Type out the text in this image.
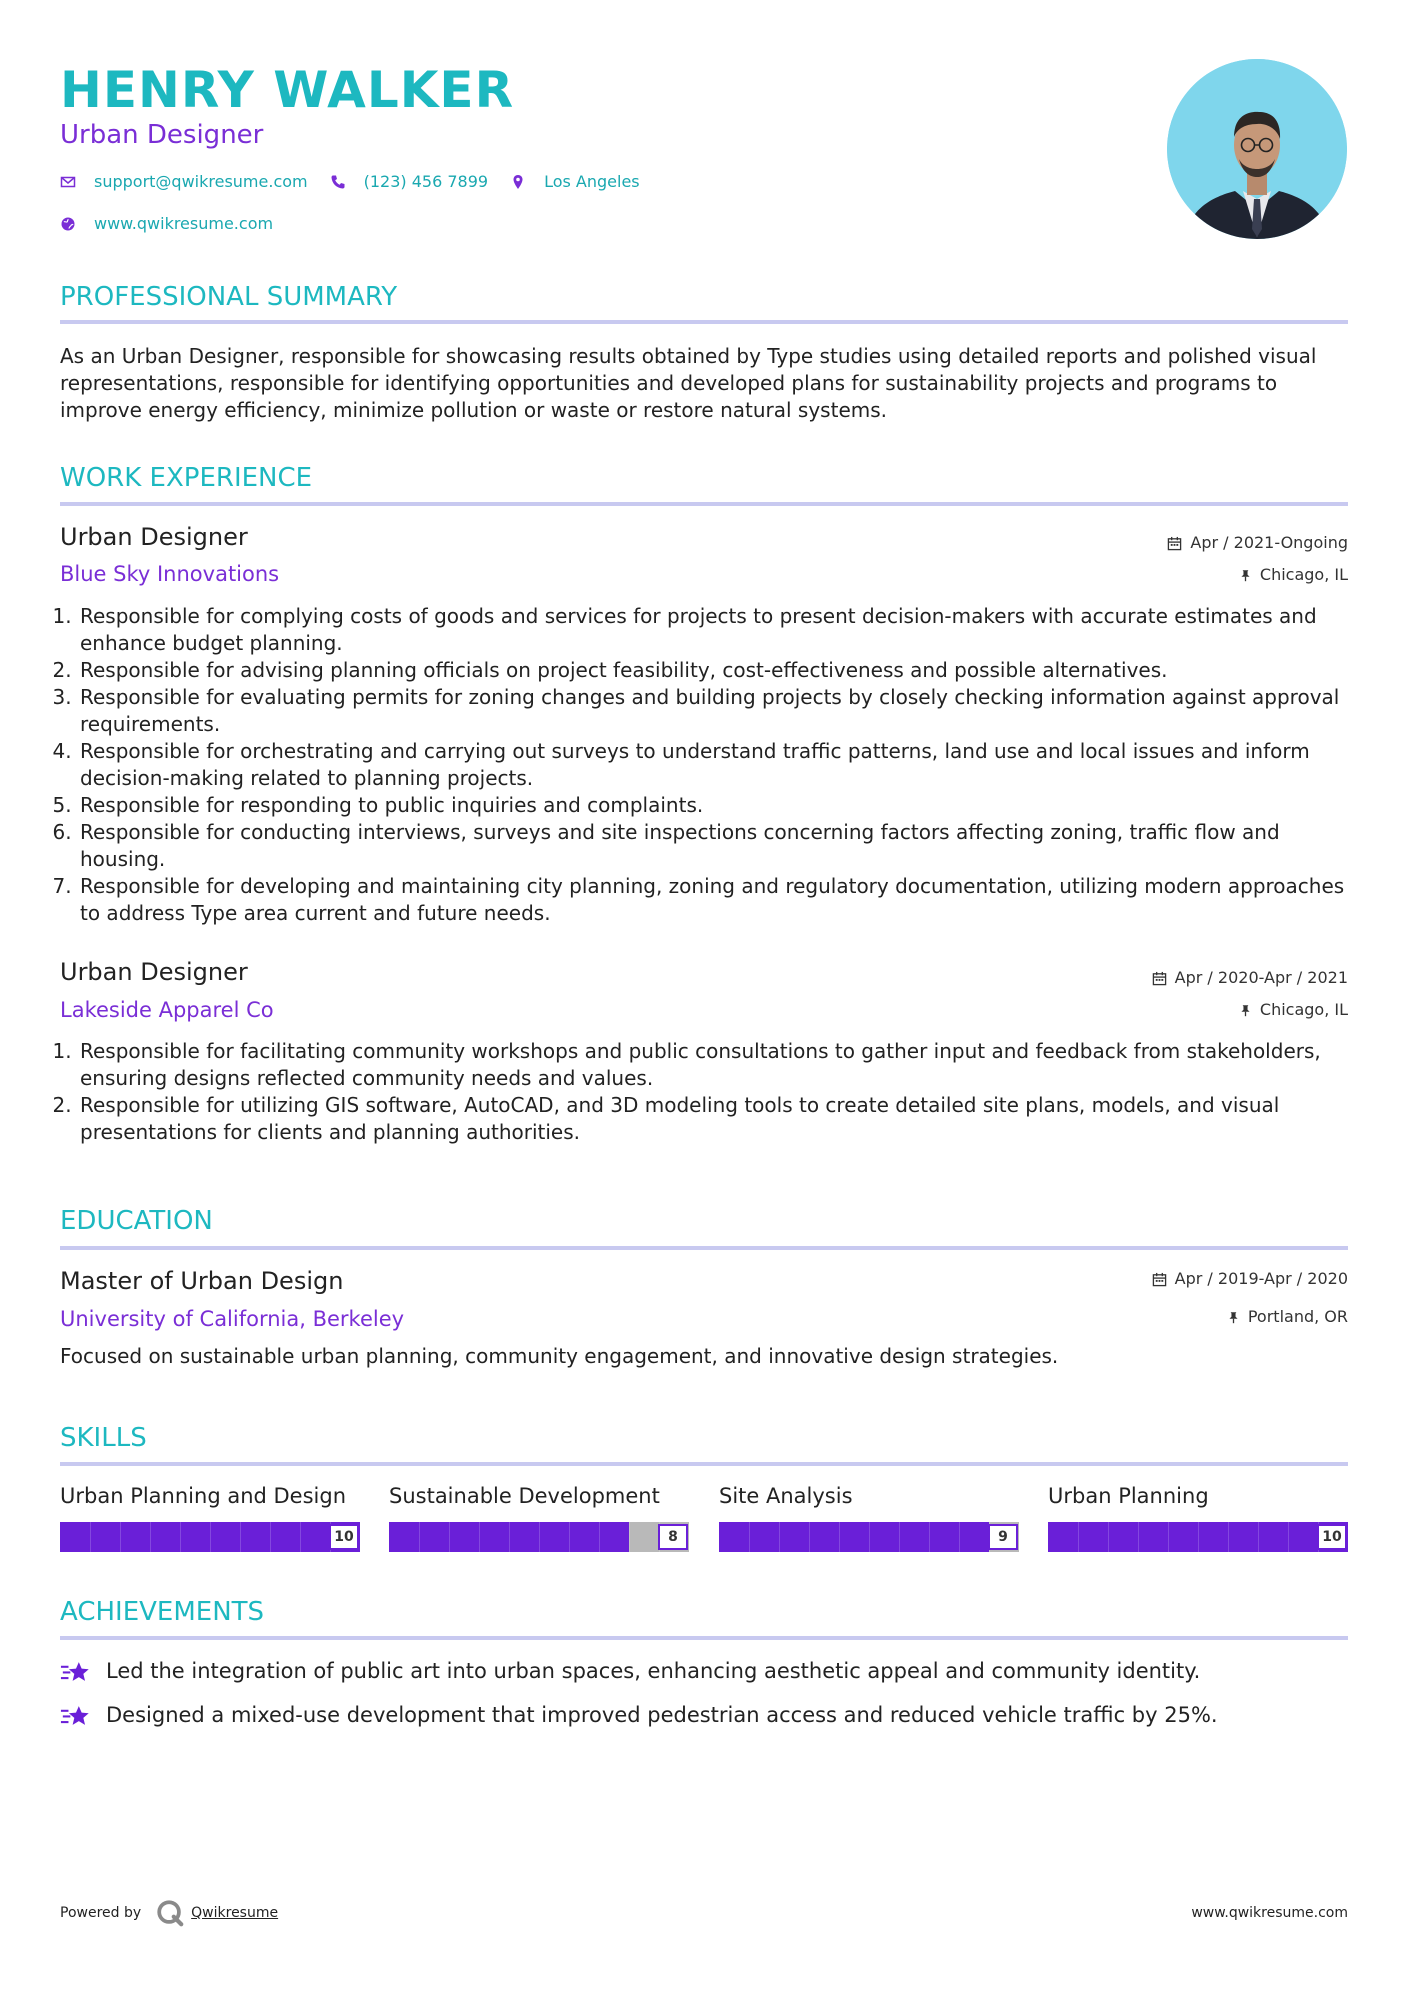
HENRY WALKER

Urban Designer

support@qwikresume.com	(123) 456 7899	Los Angeles
www.qwikresume.com
PROFESSIONAL SUMMARY

As an Urban Designer, responsible for showcasing results obtained by Type studies using detailed reports and polished visual representations, responsible for identifying opportunities and developed plans for sustainability projects and programs to improve energy efficiency, minimize pollution or waste or restore natural systems.

WORK EXPERIENCE
Urban Designer

Blue Sky Innovations

Apr / 2021-Ongoing
Chicago, IL
1. Responsible for complying costs of goods and services for projects to present decision-makers with accurate estimates and enhance budget planning.
2. Responsible for advising planning officials on project feasibility, cost-effectiveness and possible alternatives.
3. Responsible for evaluating permits for zoning changes and building projects by closely checking information against approval requirements.
4. Responsible for orchestrating and carrying out surveys to understand traffic patterns, land use and local issues and inform decision-making related to planning projects.
5. Responsible for responding to public inquiries and complaints.
6. Responsible for conducting interviews, surveys and site inspections concerning factors affecting zoning, traffic flow and housing.
7. Responsible for developing and maintaining city planning, zoning and regulatory documentation, utilizing modern approaches to address Type area current and future needs.
Urban Designer

Lakeside Apparel Co

Apr / 2020-Apr / 2021
Chicago, IL
1. Responsible for facilitating community workshops and public consultations to gather input and feedback from stakeholders, ensuring designs reflected community needs and values.
2. Responsible for utilizing GIS software, AutoCAD, and 3D modeling tools to create detailed site plans, models, and visual presentations for clients and planning authorities.
EDUCATION
Master of Urban Design

University of California, Berkeley

Apr / 2019-Apr / 2020
Portland, OR

Focused on sustainable urban planning, community engagement, and innovative design strategies.

SKILLS

Urban Planning and Design

10

Sustainable Development

8

Site Analysis

9

Urban Planning

10
ACHIEVEMENTS
Led the integration of public art into urban spaces, enhancing aesthetic appeal and community identity.
Designed a mixed-use development that improved pedestrian access and reduced vehicle traffic by 25%.
Powered by	Qwikresume	www.qwikresume.com
